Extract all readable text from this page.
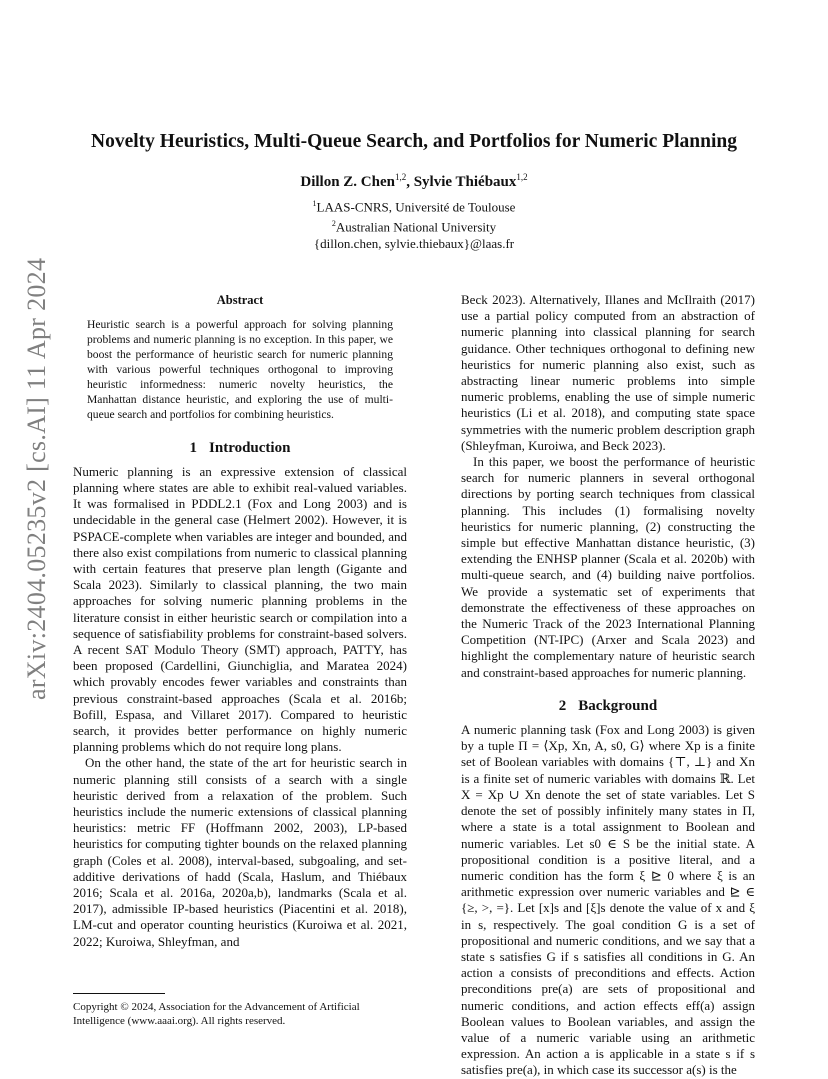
arXiv:2404.05235v2 [cs.AI] 11 Apr 2024
Novelty Heuristics, Multi-Queue Search, and Portfolios for Numeric Planning
Dillon Z. Chen$^{1,2}$, Sylvie Thiébaux$^{1,2}$
$^1$LAAS-CNRS, Université de Toulouse
$^2$Australian National University
{dillon.chen, sylvie.thiebaux}@laas.fr
Abstract

Heuristic search is a powerful approach for solving planning problems and numeric planning is no exception. In this paper, we boost the performance of heuristic search for numeric planning with various powerful techniques orthogonal to improving heuristic informedness: numeric novelty heuristics, the Manhattan distance heuristic, and exploring the use of multi-queue search and portfolios for combining heuristics.

1 Introduction

Numeric planning is an expressive extension of classical planning where states are able to exhibit real-valued variables. It was formalised in PDDL2.1 (Fox and Long 2003) and is undecidable in the general case (Helmert 2002). However, it is PSPACE-complete when variables are integer and bounded, and there also exist compilations from numeric to classical planning with certain features that preserve plan length (Gigante and Scala 2023). Similarly to classical planning, the two main approaches for solving numeric planning problems in the literature consist in either heuristic search or compilation into a sequence of satisfiability problems for constraint-based solvers. A recent SAT Modulo Theory (SMT) approach, PATTY, has been proposed (Cardellini, Giunchiglia, and Maratea 2024) which provably encodes fewer variables and constraints than previous constraint-based approaches (Scala et al. 2016b; Bofill, Espasa, and Villaret 2017). Compared to heuristic search, it provides better performance on highly numeric planning problems which do not require long plans.

On the other hand, the state of the art for heuristic search in numeric planning still consists of a search with a single heuristic derived from a relaxation of the problem. Such heuristics include the numeric extensions of classical planning heuristics: metric FF (Hoffmann 2002, 2003), LP-based heuristics for computing tighter bounds on the relaxed planning graph (Coles et al. 2008), interval-based, subgoaling, and set-additive derivations of hadd (Scala, Haslum, and Thiébaux 2016; Scala et al. 2016a, 2020a,b), landmarks (Scala et al. 2017), admissible IP-based heuristics (Piacentini et al. 2018), LM-cut and operator counting heuristics (Kuroiwa et al. 2021, 2022; Kuroiwa, Shleyfman, and

Copyright © 2024, Association for the Advancement of Artificial Intelligence (www.aaai.org). All rights reserved.

Beck 2023). Alternatively, Illanes and McIlraith (2017) use a partial policy computed from an abstraction of numeric planning into classical planning for search guidance. Other techniques orthogonal to defining new heuristics for numeric planning also exist, such as abstracting linear numeric problems into simple numeric problems, enabling the use of simple numeric heuristics (Li et al. 2018), and computing state space symmetries with the numeric problem description graph (Shleyfman, Kuroiwa, and Beck 2023).

In this paper, we boost the performance of heuristic search for numeric planners in several orthogonal directions by porting search techniques from classical planning. This includes (1) formalising novelty heuristics for numeric planning, (2) constructing the simple but effective Manhattan distance heuristic, (3) extending the ENHSP planner (Scala et al. 2020b) with multi-queue search, and (4) building naive portfolios. We provide a systematic set of experiments that demonstrate the effectiveness of these approaches on the Numeric Track of the 2023 International Planning Competition (NT-IPC) (Arxer and Scala 2023) and highlight the complementary nature of heuristic search and constraint-based approaches for numeric planning.

2 Background

A numeric planning task (Fox and Long 2003) is given by a tuple Π = ⟨Xp, Xn, A, s0, G⟩ where Xp is a finite set of Boolean variables with domains {⊤, ⊥} and Xn is a finite set of numeric variables with domains ℝ. Let X = Xp ∪ Xn denote the set of state variables. Let S denote the set of possibly infinitely many states in Π, where a state is a total assignment to Boolean and numeric variables. Let s0 ∈ S be the initial state. A propositional condition is a positive literal, and a numeric condition has the form ξ ⊵ 0 where ξ is an arithmetic expression over numeric variables and ⊵ ∈ {≥, >, =}. Let [x]s and [ξ]s denote the value of x and ξ in s, respectively. The goal condition G is a set of propositional and numeric conditions, and we say that a state s satisfies G if s satisfies all conditions in G. An action a consists of preconditions and effects. Action preconditions pre(a) are sets of propositional and numeric conditions, and action effects eff(a) assign Boolean values to Boolean variables, and assign the value of a numeric variable using an arithmetic expression. An action a is applicable in a state s if s satisfies pre(a), in which case its successor a(s) is the
